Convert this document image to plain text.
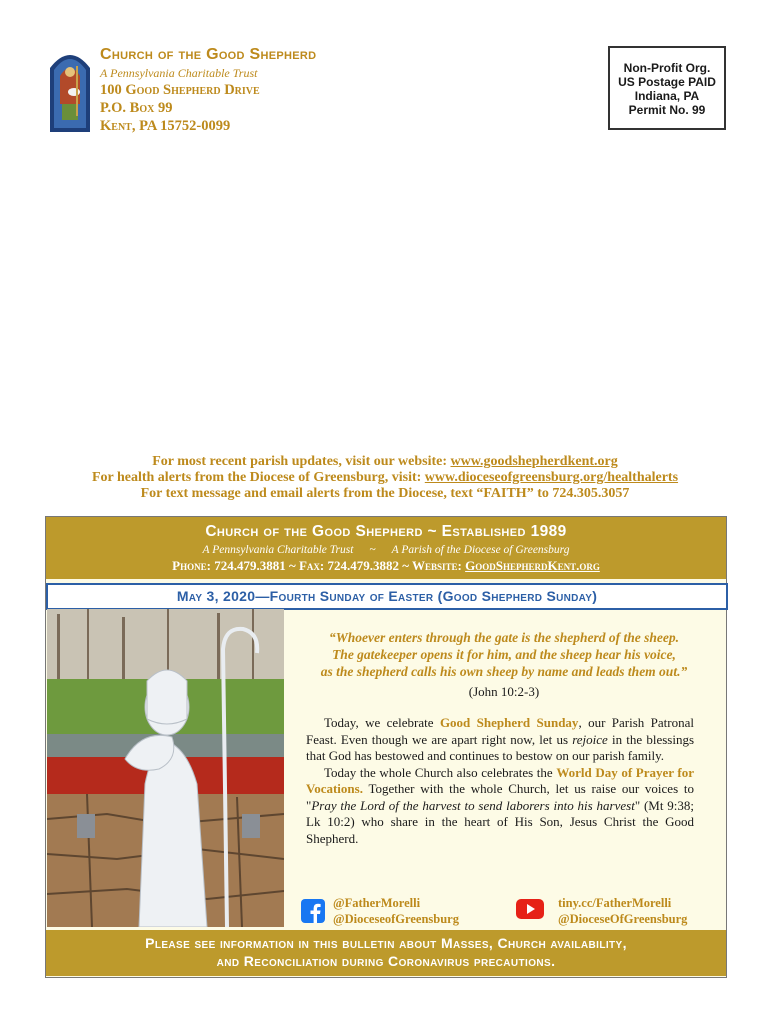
Church of the Good Shepherd
A Pennsylvania Charitable Trust
100 Good Shepherd Drive
P.O. Box 99
Kent, PA 15752-0099
Non-Profit Org.
US Postage PAID
Indiana, PA
Permit No. 99
For most recent parish updates, visit our website: www.goodshepherdkent.org
For health alerts from the Diocese of Greensburg, visit: www.dioceseofgreensburg.org/healthalerts
For text message and email alerts from the Diocese, text “FAITH” to 724.305.3057
Church of the Good Shepherd ~ Established 1989
A Pennsylvania Charitable Trust ~ A Parish of the Diocese of Greensburg
Phone: 724.479.3881 ~ Fax: 724.479.3882 ~ Website: GoodShepherdKent.org
May 3, 2020—Fourth Sunday of Easter (Good Shepherd Sunday)
“Whoever enters through the gate is the shepherd of the sheep.
The gatekeeper opens it for him, and the sheep hear his voice,
as the shepherd calls his own sheep by name and leads them out.”
(John 10:2-3)

Today, we celebrate Good Shepherd Sunday, our Parish Patronal Feast. Even though we are apart right now, let us rejoice in the blessings that God has bestowed and continues to bestow on our parish family.

Today the whole Church also celebrates the World Day of Prayer for Vocations. Together with the whole Church, let us raise our voices to "Pray the Lord of the harvest to send laborers into his harvest" (Mt 9:38; Lk 10:2) who share in the heart of His Son, Jesus Christ the Good Shepherd.

@FatherMorelli
@DioceseofGreensburg
tiny.cc/FatherMorelli
@DioceseOfGreensburg
Please see information in this bulletin about Masses, Church availability,
and Reconciliation during Coronavirus precautions.
